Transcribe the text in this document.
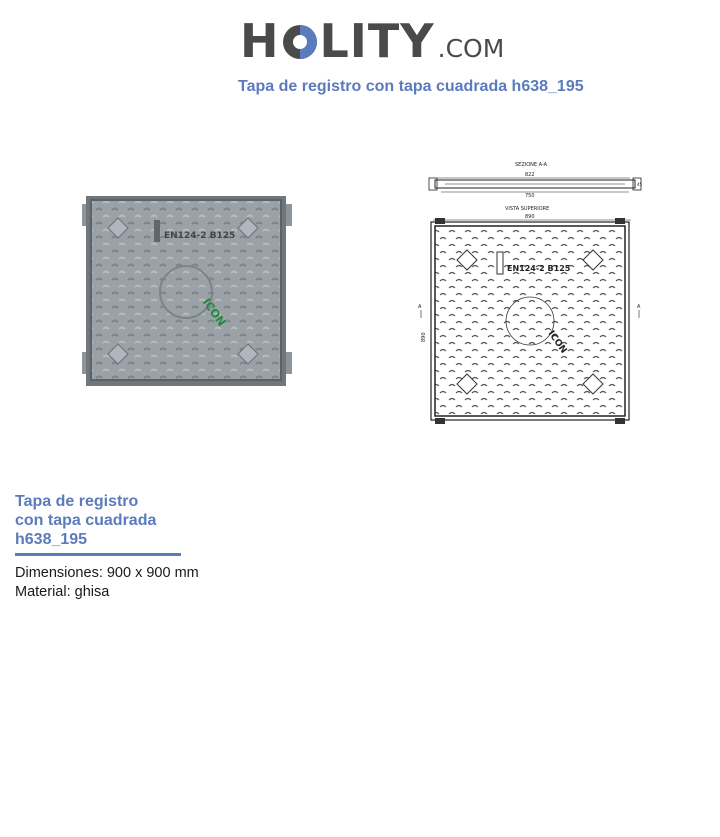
H LITY .COM
Tapa de registro con tapa cuadrada h638_195
EN124-2 B125
ICON
SEZIONE A-A
822
45
750
VISTA SUPERIORE
890
EN124-2 B125
ICON
A	A
890
Tapa de registro
con tapa cuadrada
h638_195
Dimensiones: 900 x 900 mm
Material: ghisa
